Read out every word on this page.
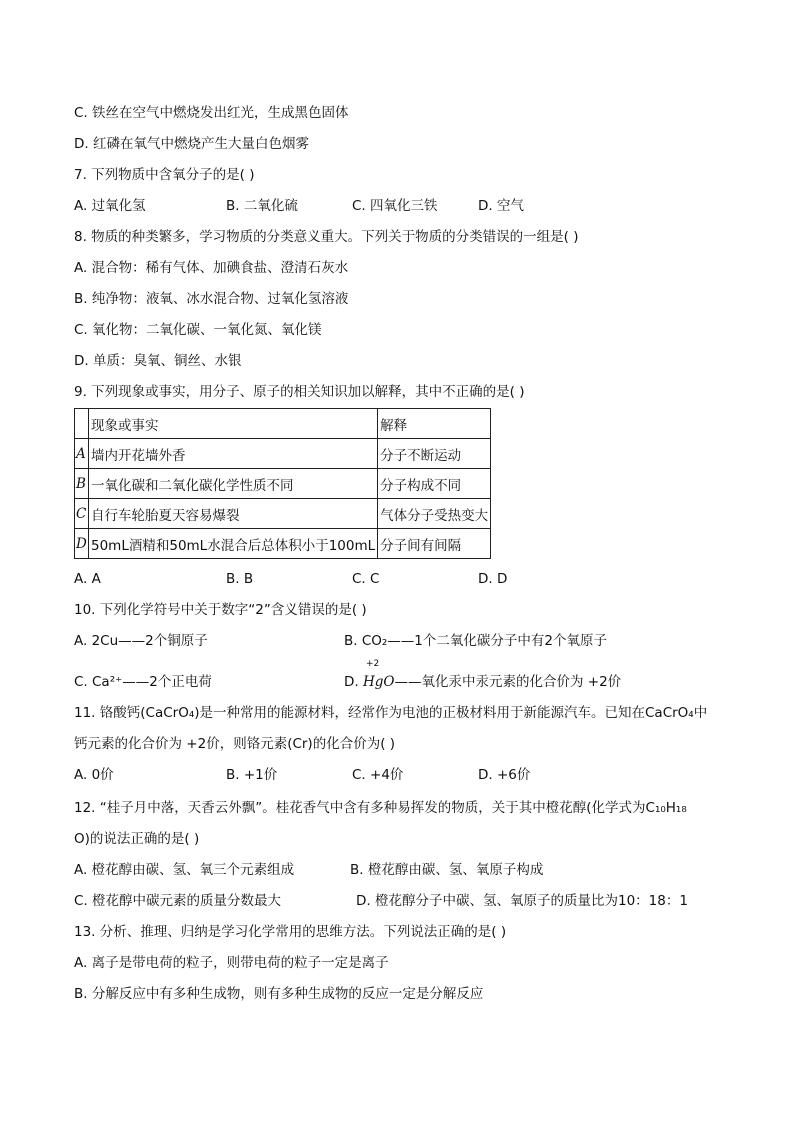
C. 铁丝在空气中燃烧发出红光，生成黑色固体
D. 红磷在氧气中燃烧产生大量白色烟雾
7. 下列物质中含氧分子的是( )
A. 过氧化氢	B. 二氧化硫	C. 四氧化三铁	D. 空气
8. 物质的种类繁多，学习物质的分类意义重大。下列关于物质的分类错误的一组是( )
A. 混合物：稀有气体、加碘食盐、澄清石灰水
B. 纯净物：液氧、冰水混合物、过氧化氢溶液
C. 氧化物：二氧化碳、一氧化氮、氧化镁
D. 单质：臭氧、铜丝、水银
9. 下列现象或事实，用分子、原子的相关知识加以解释，其中不正确的是( )
	现象或事实	解释
A	墙内开花墙外香	分子不断运动
B	一氧化碳和二氧化碳化学性质不同	分子构成不同
C	自行车轮胎夏天容易爆裂	气体分子受热变大
D	50mL酒精和50mL水混合后总体积小于100mL	分子间有间隔
A. A	B. B	C. C	D. D
10. 下列化学符号中关于数字“2”含义错误的是( )
A. 2Cu——2个铜原子	B. CO₂——1个二氧化碳分子中有2个氧原子
C. Ca²⁺——2个正电荷	D.
+2
HgO——氧化汞中汞元素的化合价为 +2价
11. 铬酸钙(CaCrO₄)是一种常用的能源材料，经常作为电池的正极材料用于新能源汽车。已知在CaCrO₄中
钙元素的化合价为 +2价，则铬元素(Cr)的化合价为( )
A. 0价	B. +1价	C. +4价	D. +6价
12. “桂子月中落，天香云外飘”。桂花香气中含有多种易挥发的物质，关于其中橙花醇(化学式为C₁₀H₁₈
O)的说法正确的是( )
A. 橙花醇由碳、氢、氧三个元素组成	B. 橙花醇由碳、氢、氧原子构成
C. 橙花醇中碳元素的质量分数最大	D. 橙花醇分子中碳、氢、氧原子的质量比为10：18：1
13. 分析、推理、归纳是学习化学常用的思维方法。下列说法正确的是( )
A. 离子是带电荷的粒子，则带电荷的粒子一定是离子
B. 分解反应中有多种生成物，则有多种生成物的反应一定是分解反应
